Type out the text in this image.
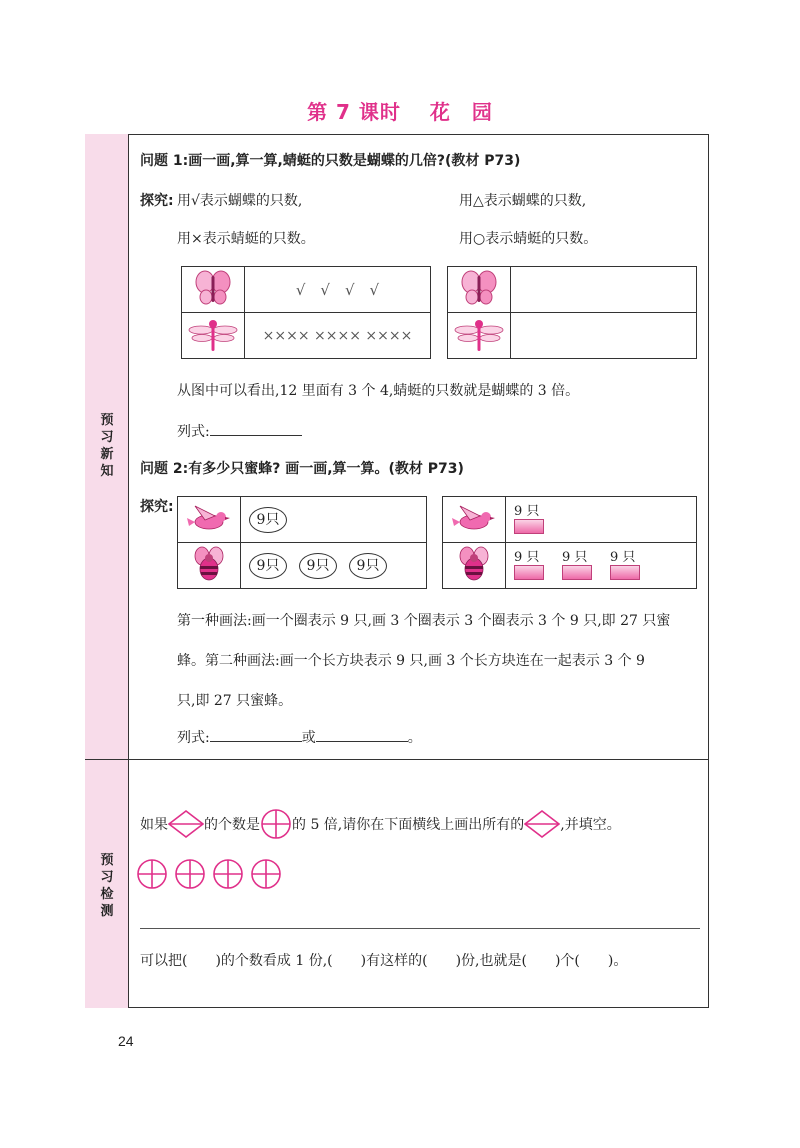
第 7 课时　 花　园
预
习
新
知
预
习
检
测
问题 1:画一画,算一算,蜻蜓的只数是蝴蝶的几倍?(教材 P73)
探究: 用√表示蝴蝶的只数,
用×表示蜻蜓的只数。
用△表示蝴蝶的只数,
用○表示蜻蜓的只数。
	√　√　√　√
	×××× ×××× ××××

从图中可以看出,12 里面有 3 个 4,蜻蜓的只数就是蝴蝶的 3 倍。
列式:
问题 2:有多少只蜜蜂? 画一画,算一算。(教材 P73)
探究:
	9只
	9只 9只 9只

9 只

9 只 9 只 9 只
第一种画法:画一个圈表示 9 只,画 3 个圈表示 3 个圈表示 3 个 9 只,即 27 只蜜
蜂。第二种画法:画一个长方块表示 9 只,画 3 个长方块连在一起表示 3 个 9
只,即 27 只蜜蜂。
列式:	或	。
如果	的个数是 的 5 倍,请你在下面横线上画出所有的	,并填空。
可以把(　　)的个数看成 1 份,(　　)有这样的(　　)份,也就是(　　)个(　　)。
24
